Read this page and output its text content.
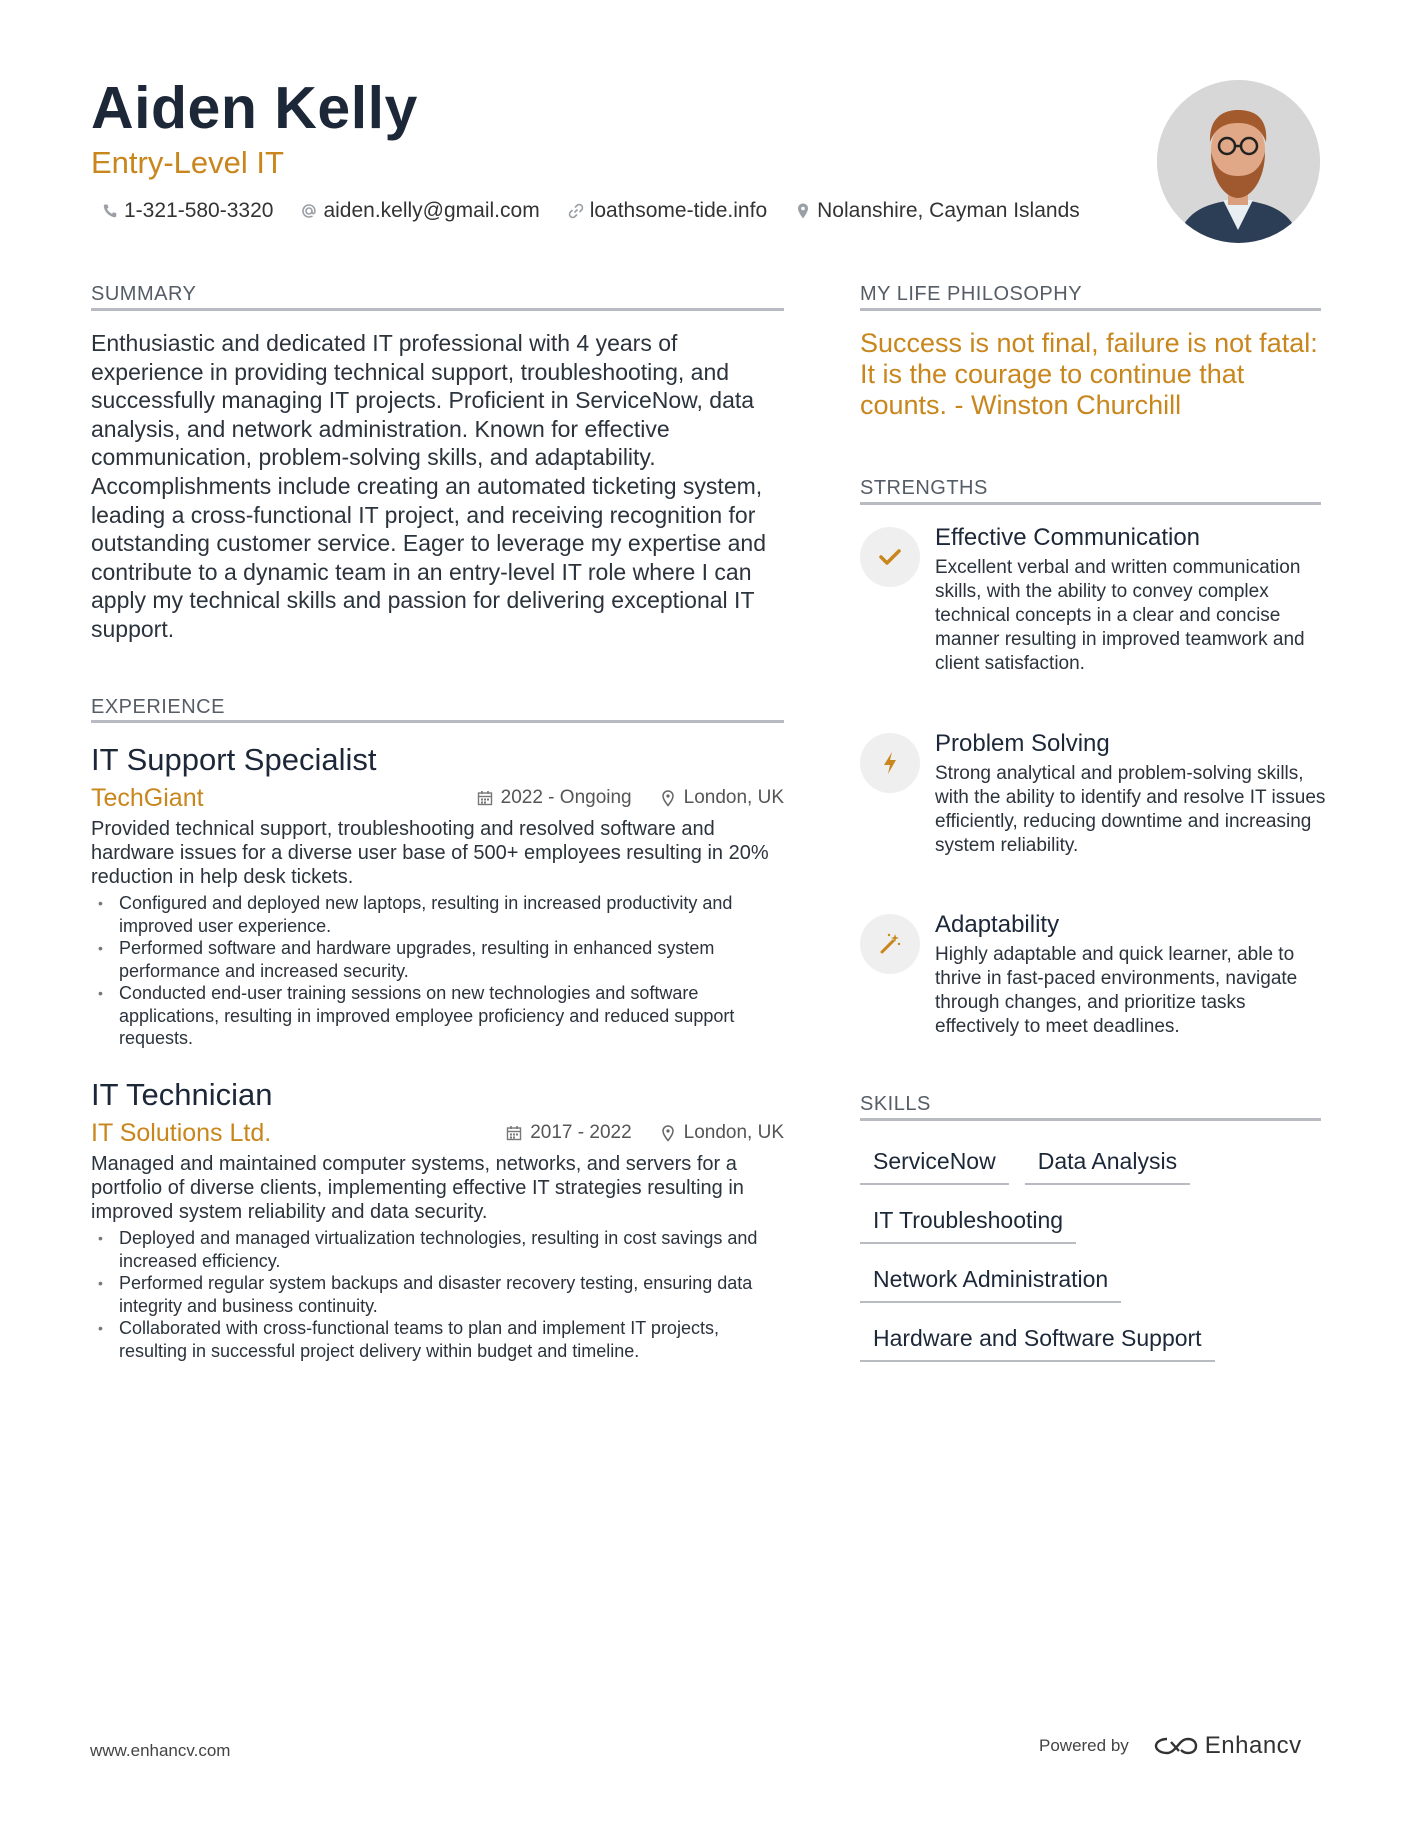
Aiden Kelly
Entry-Level IT
1-321-580-3320 aiden.kelly@gmail.com loathsome-tide.info Nolanshire, Cayman Islands
SUMMARY
Enthusiastic and dedicated IT professional with 4 years of experience in providing technical support, troubleshooting, and successfully managing IT projects. Proficient in ServiceNow, data analysis, and network administration. Known for effective communication, problem-solving skills, and adaptability. Accomplishments include creating an automated ticketing system, leading a cross-functional IT project, and receiving recognition for outstanding customer service. Eager to leverage my expertise and contribute to a dynamic team in an entry-level IT role where I can apply my technical skills and passion for delivering exceptional IT support.
EXPERIENCE
IT Support Specialist
TechGiant	2022 - Ongoing	London, UK
Provided technical support, troubleshooting and resolved software and hardware issues for a diverse user base of 500+ employees resulting in 20% reduction in help desk tickets.
• Configured and deployed new laptops, resulting in increased productivity and improved user experience.
• Performed software and hardware upgrades, resulting in enhanced system performance and increased security.
• Conducted end-user training sessions on new technologies and software applications, resulting in improved employee proficiency and reduced support requests.
IT Technician
IT Solutions Ltd.	2017 - 2022	London, UK
Managed and maintained computer systems, networks, and servers for a portfolio of diverse clients, implementing effective IT strategies resulting in improved system reliability and data security.
• Deployed and managed virtualization technologies, resulting in cost savings and increased efficiency.
• Performed regular system backups and disaster recovery testing, ensuring data integrity and business continuity.
• Collaborated with cross-functional teams to plan and implement IT projects, resulting in successful project delivery within budget and timeline.
MY LIFE PHILOSOPHY
Success is not final, failure is not fatal: It is the courage to continue that counts. - Winston Churchill
STRENGTHS
Effective Communication
Excellent verbal and written communication skills, with the ability to convey complex technical concepts in a clear and concise manner resulting in improved teamwork and client satisfaction.
Problem Solving
Strong analytical and problem-solving skills, with the ability to identify and resolve IT issues efficiently, reducing downtime and increasing system reliability.
Adaptability
Highly adaptable and quick learner, able to thrive in fast-paced environments, navigate through changes, and prioritize tasks effectively to meet deadlines.
SKILLS
ServiceNow	Data Analysis
IT Troubleshooting
Network Administration
Hardware and Software Support
www.enhancv.com	Powered by	Enhancv
